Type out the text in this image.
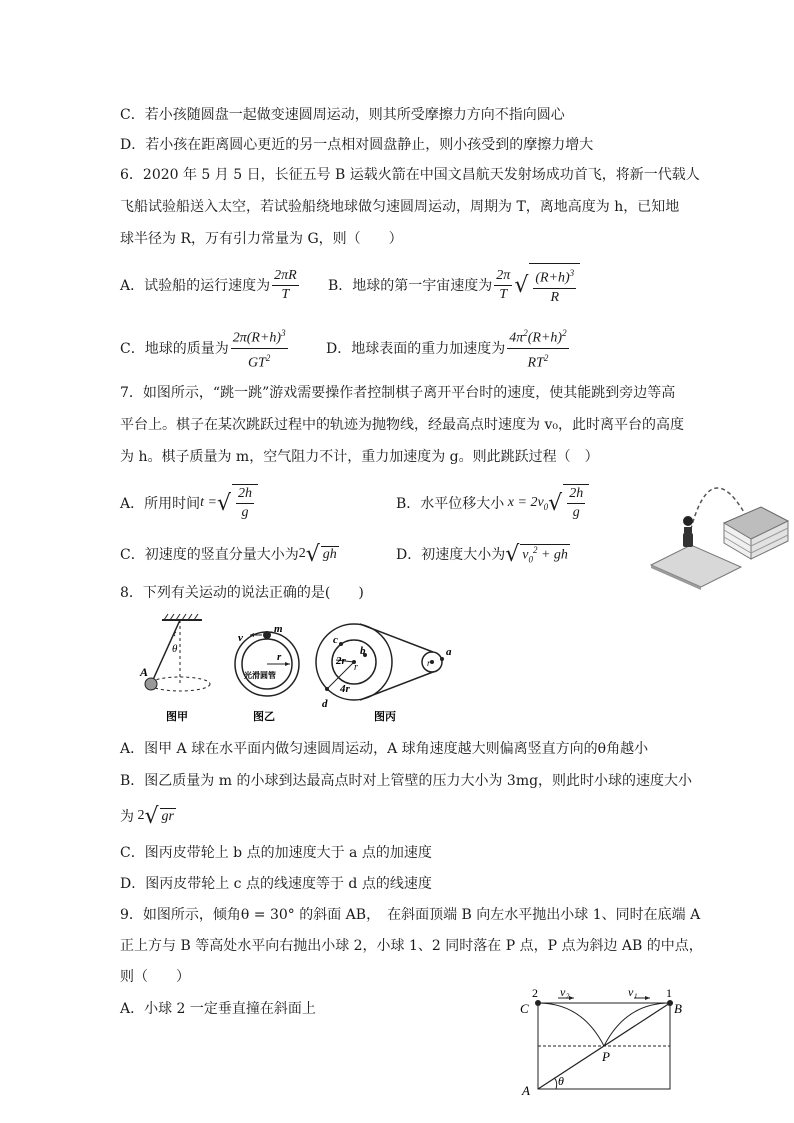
C．若小孩随圆盘一起做变速圆周运动，则其所受摩擦力方向不指向圆心
D．若小孩在距离圆心更近的另一点相对圆盘静止，则小孩受到的摩擦力增大
6．2020 年 5 月 5 日，长征五号 B 运载火箭在中国文昌航天发射场成功首飞，将新一代载人
飞船试验船送入太空，若试验船绕地球做匀速圆周运动，周期为 T，离地高度为 h，已知地
球半径为 R，万有引力常量为 G，则（　　）
A．试验船的运行速度为 $\frac{2\pi R}{T}$ B．地球的第一宇宙速度为 $\frac{2\pi}{T}$ √ $\frac{(R+h)^3}{R}$
C．地球的质量为 $\frac{2\pi(R+h)^3}{GT^2}$	D．地球表面的重力加速度为 $\frac{4\pi^2(R+h)^2}{RT^2}$
7．如图所示，“跳一跳”游戏需要操作者控制棋子离开平台时的速度，使其能跳到旁边等高
平台上。棋子在某次跳跃过程中的轨迹为抛物线，经最高点时速度为 v₀，此时离平台的高度
为 h。棋子质量为 m，空气阻力不计，重力加速度为 g。则此跳跃过程（　）
A．所用时间 t = √ $\frac{2h}{g}$	B．水平位移大小 $x = 2v_0$ √ $\frac{2h}{g}$
C．初速度的竖直分量大小为 2 √ gh	D．初速度大小为 √ $v_0^2$ + gh
8．下列有关运动的说法正确的是(　　)
θ
A
v
m
r
光滑圆管
c
b
2r
r
4r
d
a
r
图甲	图乙	图丙
A．图甲 A 球在水平面内做匀速圆周运动，A 球角速度越大则偏离竖直方向的θ角越小
B．图乙质量为 m 的小球到达最高点时对上管壁的压力大小为 3mg，则此时小球的速度大小
为 2 √ gr
C．图丙皮带轮上 b 点的加速度大于 a 点的加速度
D．图丙皮带轮上 c 点的线速度等于 d 点的线速度
9．如图所示，倾角θ = 30° 的斜面 AB，　在斜面顶端 B 向左水平抛出小球 1、同时在底端 A
正上方与 B 等高处水平向右抛出小球 2，小球 1、2 同时落在 P 点，P 点为斜边 AB 的中点，
则（　　）
A．小球 2 一定垂直撞在斜面上	C
2 v₂	v₁ 1
B
P
A
θ
